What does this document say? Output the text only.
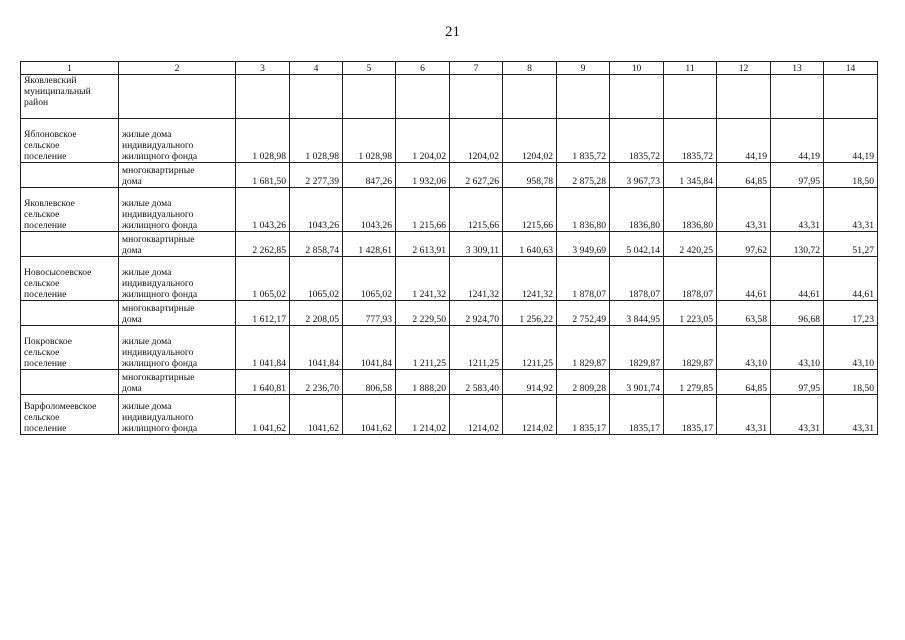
21
1	2	3	4	5	6	7	8	9	10	11	12	13	14
Яковлевский
муниципальный
район													
Яблоновское
сельское
поселение	жилые дома
индивидуального
жилищного фонда	1 028,98	1 028,98	1 028,98	1 204,02	1204,02	1204,02	1 835,72	1835,72	1835,72	44,19	44,19	44,19
	многоквартирные
дома	1 681,50	2 277,39	847,26	1 932,06	2 627,26	958,78	2 875,28	3 967,73	1 345,84	64,85	97,95	18,50
Яковлевское
сельское
поселение	жилые дома
индивидуального
жилищного фонда	1 043,26	1043,26	1043,26	1 215,66	1215,66	1215,66	1 836,80	1836,80	1836,80	43,31	43,31	43,31
	многоквартирные
дома	2 262,85	2 858,74	1 428,61	2 613,91	3 309,11	1 640,63	3 949,69	5 042,14	2 420,25	97,62	130,72	51,27
Новосысоевское
сельское
поселение	жилые дома
индивидуального
жилищного фонда	1 065,02	1065,02	1065,02	1 241,32	1241,32	1241,32	1 878,07	1878,07	1878,07	44,61	44,61	44,61
	многоквартирные
дома	1 612,17	2 208,05	777,93	2 229,50	2 924,70	1 256,22	2 752,49	3 844,95	1 223,05	63,58	96,68	17,23
Покровское
сельское
поселение	жилые дома
индивидуального
жилищного фонда	1 041,84	1041,84	1041,84	1 211,25	1211,25	1211,25	1 829,87	1829,87	1829,87	43,10	43,10	43,10
	многоквартирные
дома	1 640,81	2 236,70	806,58	1 888,20	2 583,40	914,92	2 809,28	3 901,74	1 279,85	64,85	97,95	18,50
Варфоломеевское
сельское
поселение	жилые дома
индивидуального
жилищного фонда	1 041,62	1041,62	1041,62	1 214,02	1214,02	1214,02	1 835,17	1835,17	1835,17	43,31	43,31	43,31
